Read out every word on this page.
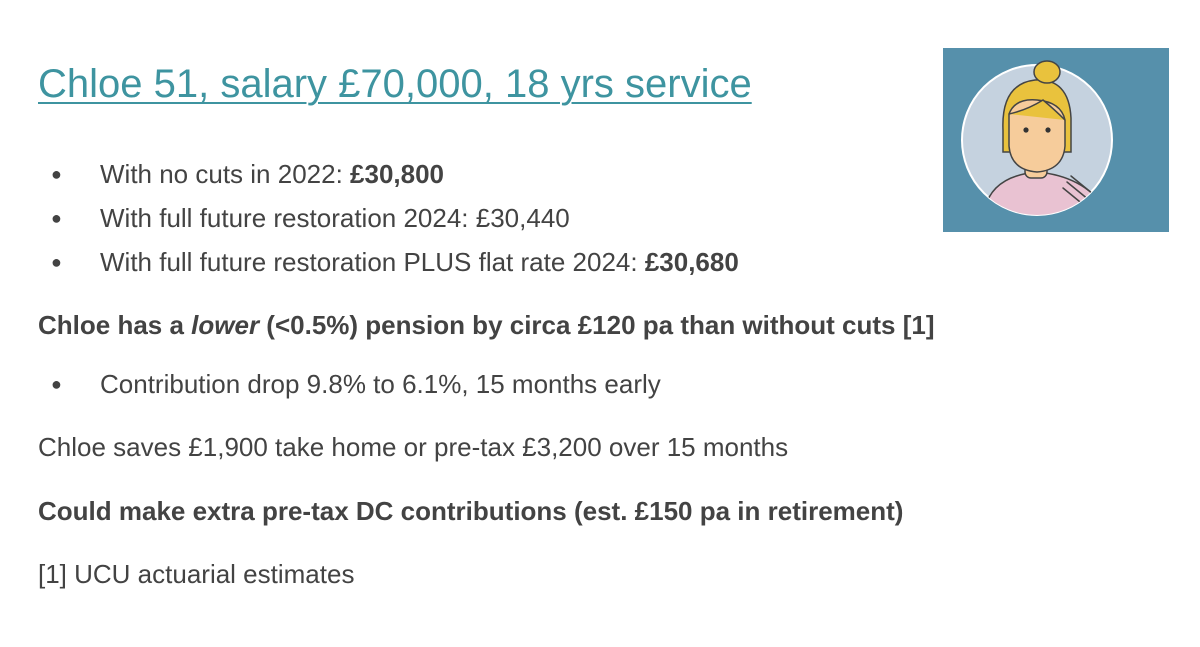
Chloe 51, salary £70,000, 18 yrs service
● With no cuts in 2022: £30,800
● With full future restoration 2024: £30,440
● With full future restoration PLUS flat rate 2024: £30,680

Chloe has a lower (<0.5%) pension by circa £120 pa than without cuts [1]

● Contribution drop 9.8% to 6.1%, 15 months early

Chloe saves £1,900 take home or pre-tax £3,200 over 15 months

Could make extra pre-tax DC contributions (est. £150 pa in retirement)

[1] UCU actuarial estimates
